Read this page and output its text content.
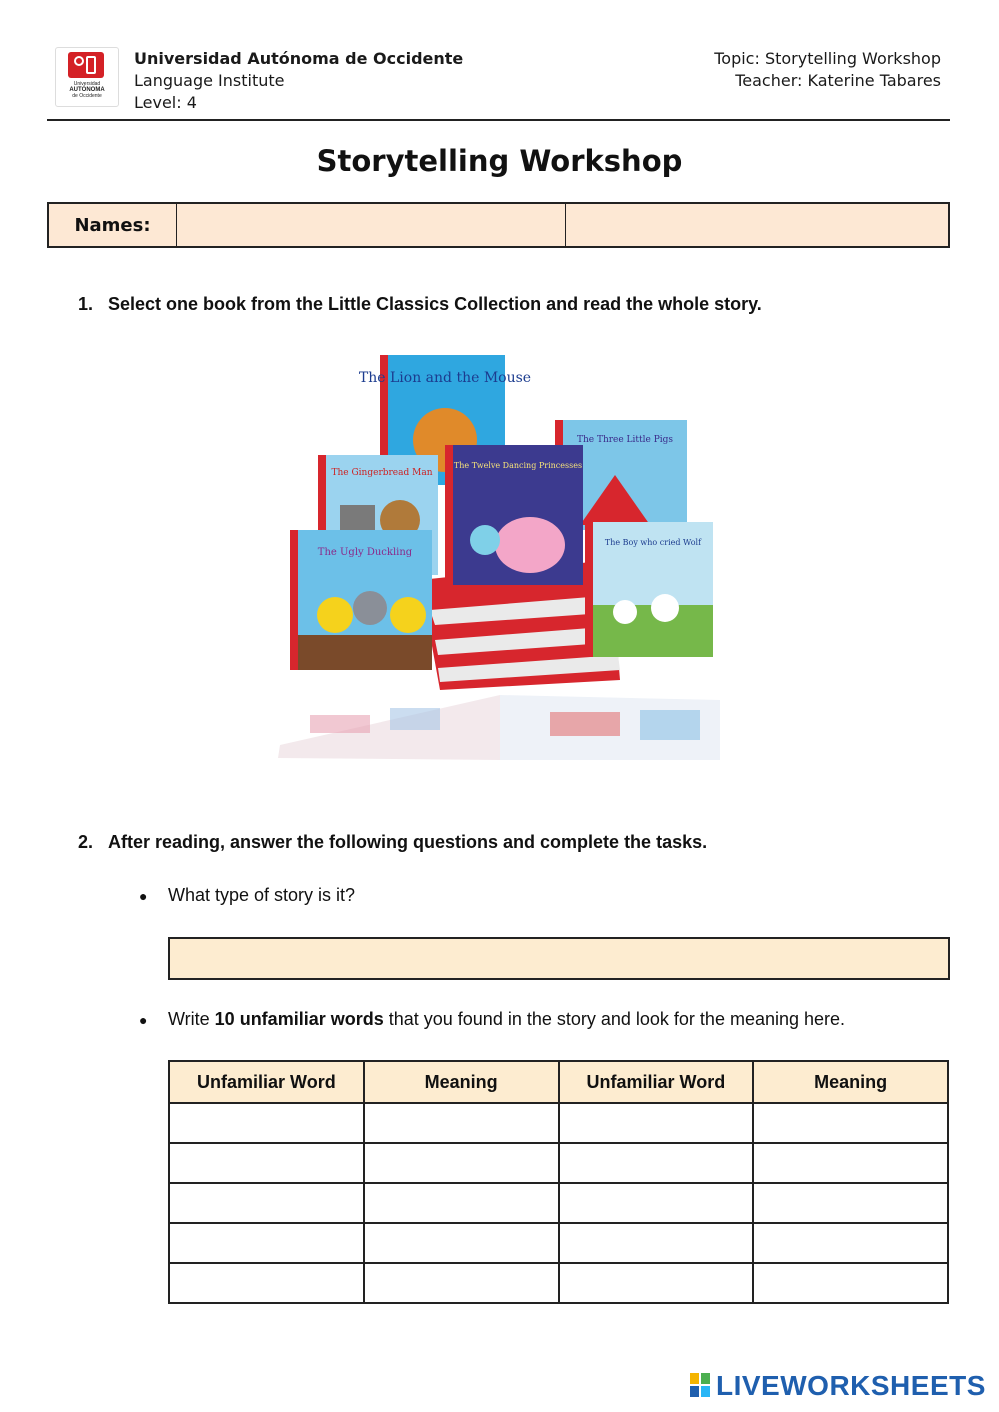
Universidad
AUTÓNOMA
de Occidente
Universidad Autónoma de Occidente
Language Institute
Level: 4
Topic: Storytelling Workshop
Teacher: Katerine Tabares
Storytelling Workshop
Names:
1. Select one book from the Little Classics Collection and read the whole story.
The Lion and the Mouse
The Three Little Pigs
The Gingerbread Man
The Twelve Dancing Princesses
The Boy who cried Wolf
The Ugly Duckling
2. After reading, answer the following questions and complete the tasks.
● What type of story is it?
● Write 10 unfamiliar words that you found in the story and look for the meaning here.
Unfamiliar Word	Meaning	Unfamiliar Word	Meaning

LIVEWORKSHEETS
